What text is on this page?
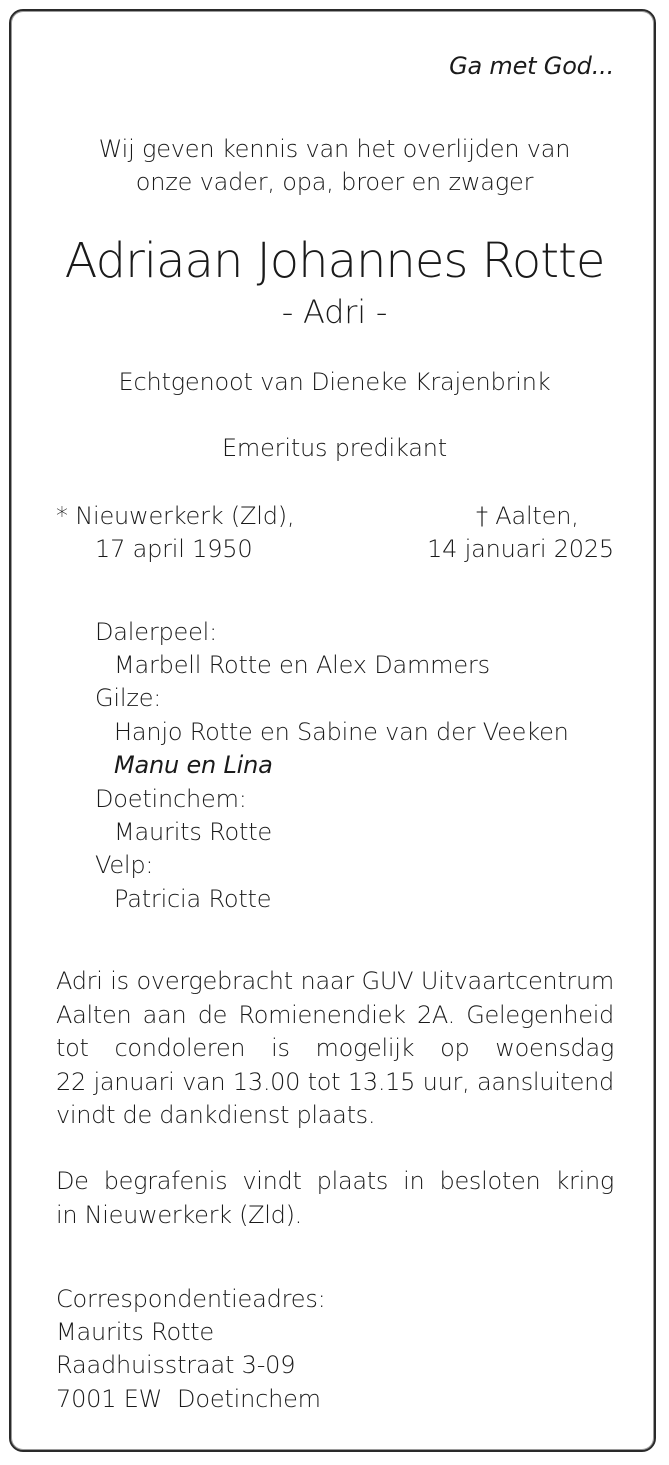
Ga met God...
Wij geven kennis van het overlijden van
onze vader, opa, broer en zwager
Adriaan Johannes Rotte
- Adri -
Echtgenoot van Dieneke Krajenbrink
Emeritus predikant
* Nieuwerkerk (Zld),
17 april 1950
† Aalten,
14 januari 2025
Dalerpeel:
Marbell Rotte en Alex Dammers
Gilze:
Hanjo Rotte en Sabine van der Veeken
Manu en Lina
Doetinchem:
Maurits Rotte
Velp:
Patricia Rotte
Adri is overgebracht naar GUV Uitvaartcentrum
Aalten aan de Romienendiek 2A. Gelegenheid
tot condoleren is mogelijk op woensdag
22 januari van 13.00 tot 13.15 uur, aansluitend
vindt de dankdienst plaats.
De begrafenis vindt plaats in besloten kring
in Nieuwerkerk (Zld).
Correspondentieadres:
Maurits Rotte
Raadhuisstraat 3-09
7001 EW  Doetinchem
